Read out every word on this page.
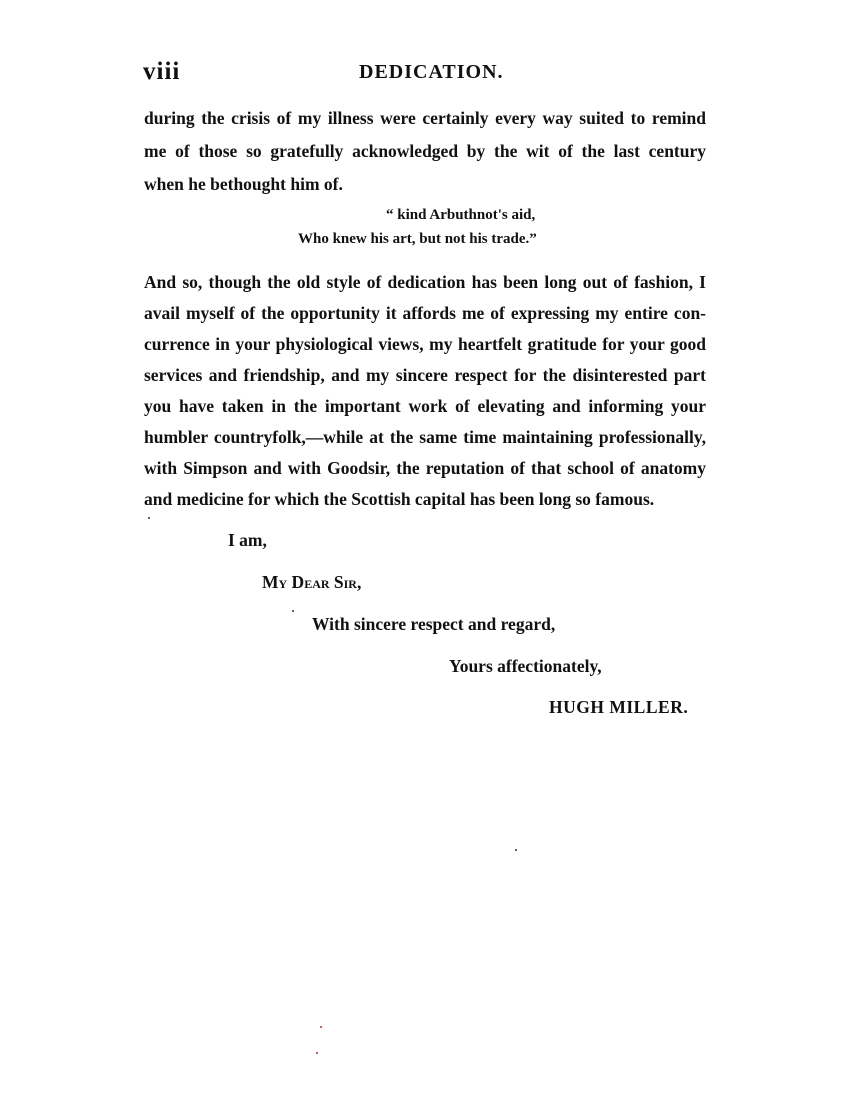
viii	DEDICATION.
during the crisis of my illness were certainly every way suited to remind
me of those so gratefully acknowledged by the wit of the last century
when he bethought him of.
“ kind Arbuthnot's aid,
Who knew his art, but not his trade.”
And so, though the old style of dedication has been long out of fashion, I
avail myself of the opportunity it affords me of expressing my entire con-
currence in your physiological views, my heartfelt gratitude for your good
services and friendship, and my sincere respect for the disinterested part
you have taken in the important work of elevating and informing your
humbler countryfolk,—while at the same time maintaining professionally,
with Simpson and with Goodsir, the reputation of that school of anatomy
and medicine for which the Scottish capital has been long so famous.
I am,
My Dear Sir,
With sincere respect and regard,
Yours affectionately,
HUGH MILLER.
